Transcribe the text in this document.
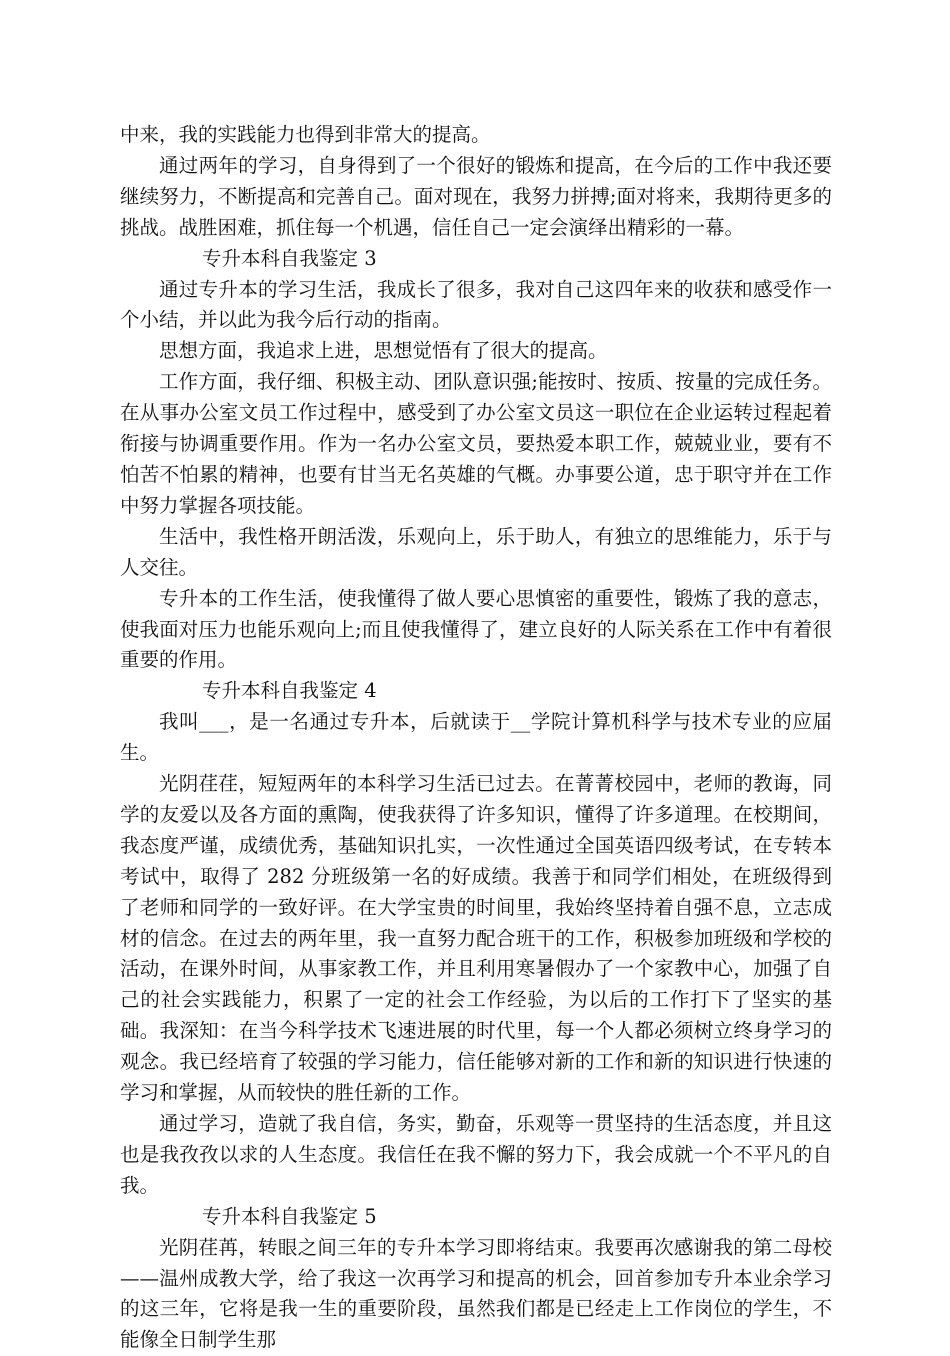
中来，我的实践能力也得到非常大的提高。

通过两年的学习，自身得到了一个很好的锻炼和提高，在今后的工作中我还要继续努力，不断提高和完善自己。面对现在，我努力拼搏;面对将来，我期待更多的挑战。战胜困难，抓住每一个机遇，信任自己一定会演绎出精彩的一幕。

专升本科自我鉴定 3

通过专升本的学习生活，我成长了很多，我对自己这四年来的收获和感受作一个小结，并以此为我今后行动的指南。

思想方面，我追求上进，思想觉悟有了很大的提高。

工作方面，我仔细、积极主动、团队意识强;能按时、按质、按量的完成任务。在从事办公室文员工作过程中，感受到了办公室文员这一职位在企业运转过程起着衔接与协调重要作用。作为一名办公室文员，要热爱本职工作，兢兢业业，要有不怕苦不怕累的精神，也要有甘当无名英雄的气概。办事要公道，忠于职守并在工作中努力掌握各项技能。

生活中，我性格开朗活泼，乐观向上，乐于助人，有独立的思维能力，乐于与人交往。

专升本的工作生活，使我懂得了做人要心思慎密的重要性，锻炼了我的意志，使我面对压力也能乐观向上;而且使我懂得了，建立良好的人际关系在工作中有着很重要的作用。

专升本科自我鉴定 4

我叫___，是一名通过专升本，后就读于__学院计算机科学与技术专业的应届生。

光阴荏荏，短短两年的本科学习生活已过去。在菁菁校园中，老师的教诲，同学的友爱以及各方面的熏陶，使我获得了许多知识，懂得了许多道理。在校期间，我态度严谨，成绩优秀，基础知识扎实，一次性通过全国英语四级考试，在专转本考试中，取得了 282 分班级第一名的好成绩。我善于和同学们相处，在班级得到了老师和同学的一致好评。在大学宝贵的时间里，我始终坚持着自强不息，立志成材的信念。在过去的两年里，我一直努力配合班干的工作，积极参加班级和学校的活动，在课外时间，从事家教工作，并且利用寒暑假办了一个家教中心，加强了自己的社会实践能力，积累了一定的社会工作经验，为以后的工作打下了坚实的基础。我深知：在当今科学技术飞速进展的时代里，每一个人都必须树立终身学习的观念。我已经培育了较强的学习能力，信任能够对新的工作和新的知识进行快速的学习和掌握，从而较快的胜任新的工作。

通过学习，造就了我自信，务实，勤奋，乐观等一贯坚持的生活态度，并且这也是我孜孜以求的人生态度。我信任在我不懈的努力下，我会成就一个不平凡的自我。

专升本科自我鉴定 5

光阴荏苒，转眼之间三年的专升本学习即将结束。我要再次感谢我的第二母校——温州成教大学，给了我这一次再学习和提高的机会，回首参加专升本业余学习的这三年，它将是我一生的重要阶段，虽然我们都是已经走上工作岗位的学生，不能像全日制学生那
